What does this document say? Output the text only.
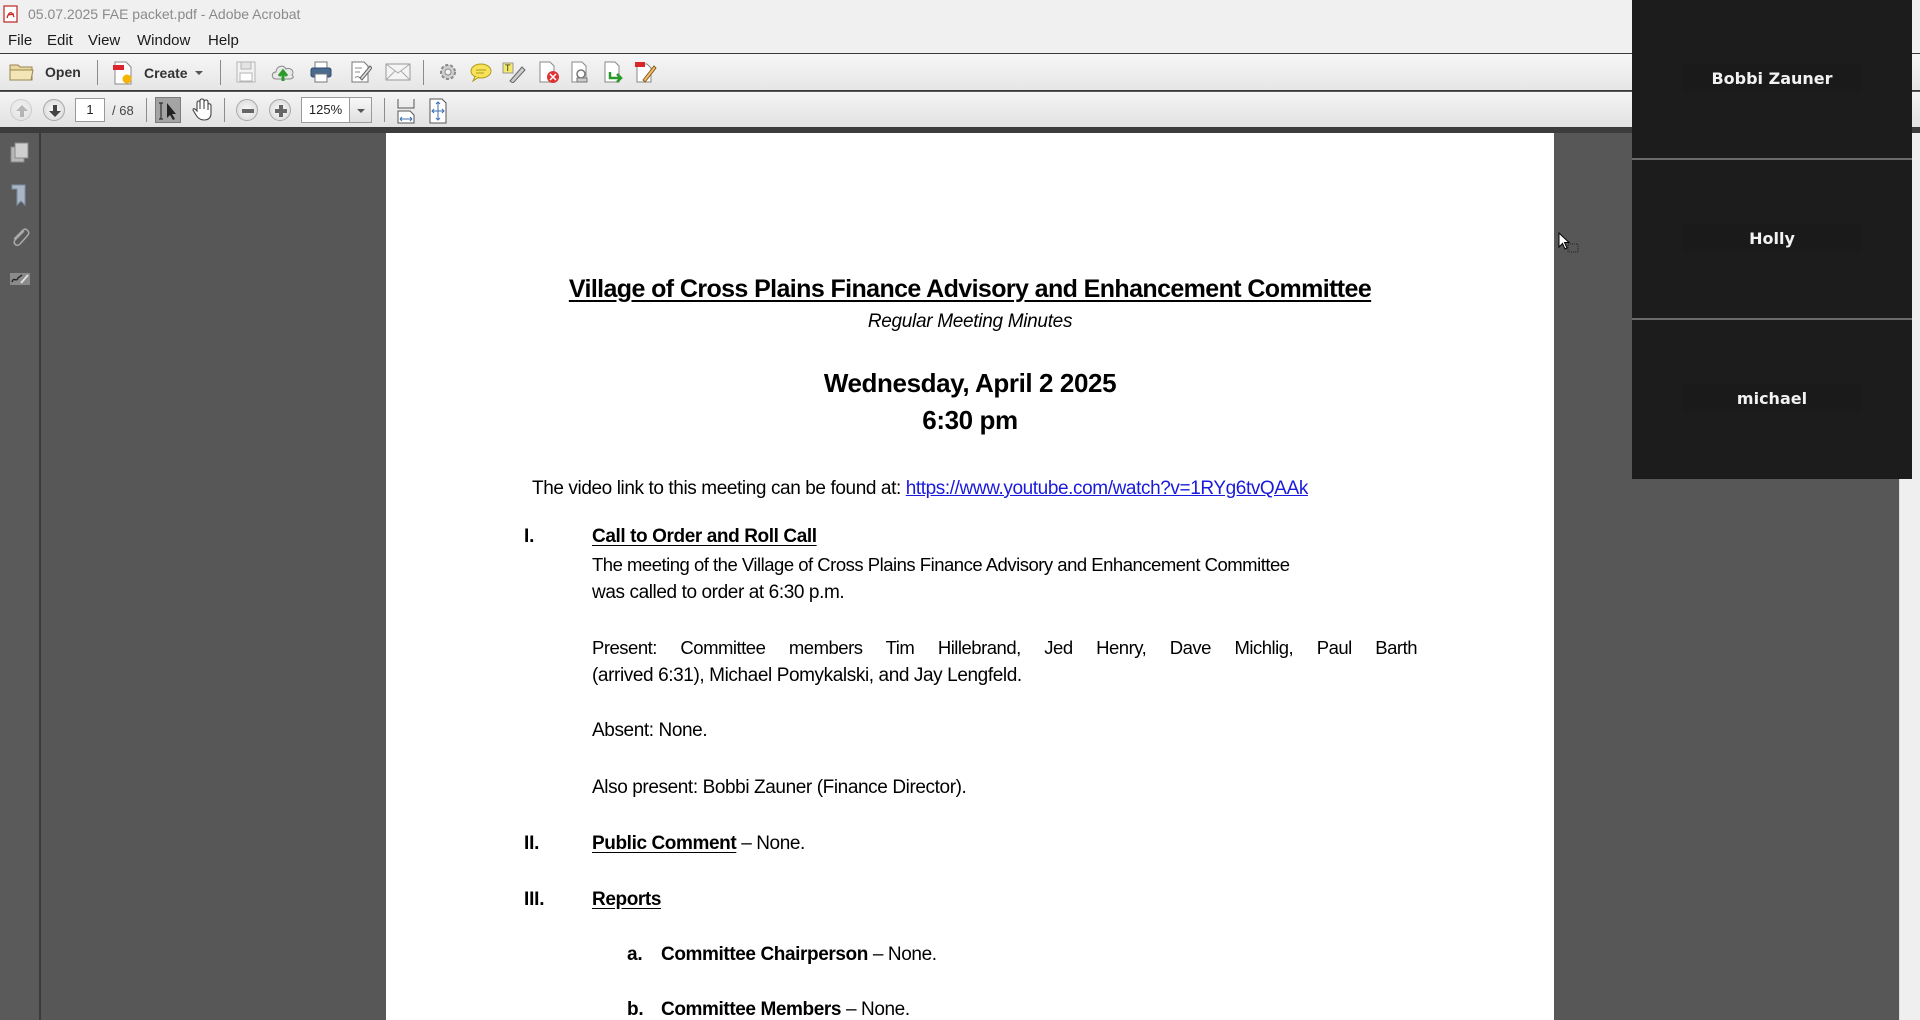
05.07.2025 FAE packet.pdf - Adobe Acrobat
File Edit View Window Help
Open	Create	T
1	/ 68	125%
Village of Cross Plains Finance Advisory and Enhancement Committee
Regular Meeting Minutes
Wednesday, April 2 2025
6:30 pm
The video link to this meeting can be found at: https://www.youtube.com/watch?v=1RYg6tvQAAk
I.	Call to Order and Roll Call
The meeting of the Village of Cross Plains Finance Advisory and Enhancement Committee
was called to order at 6:30 p.m.
Present: Committee members Tim Hillebrand, Jed Henry, Dave Michlig, Paul Barth
(arrived 6:31), Michael Pomykalski, and Jay Lengfeld.
Absent: None.
Also present: Bobbi Zauner (Finance Director).
II.	Public Comment – None.
III.	Reports
a. Committee Chairperson – None.
b. Committee Members – None.
Bobbi Zauner
Holly
michael
